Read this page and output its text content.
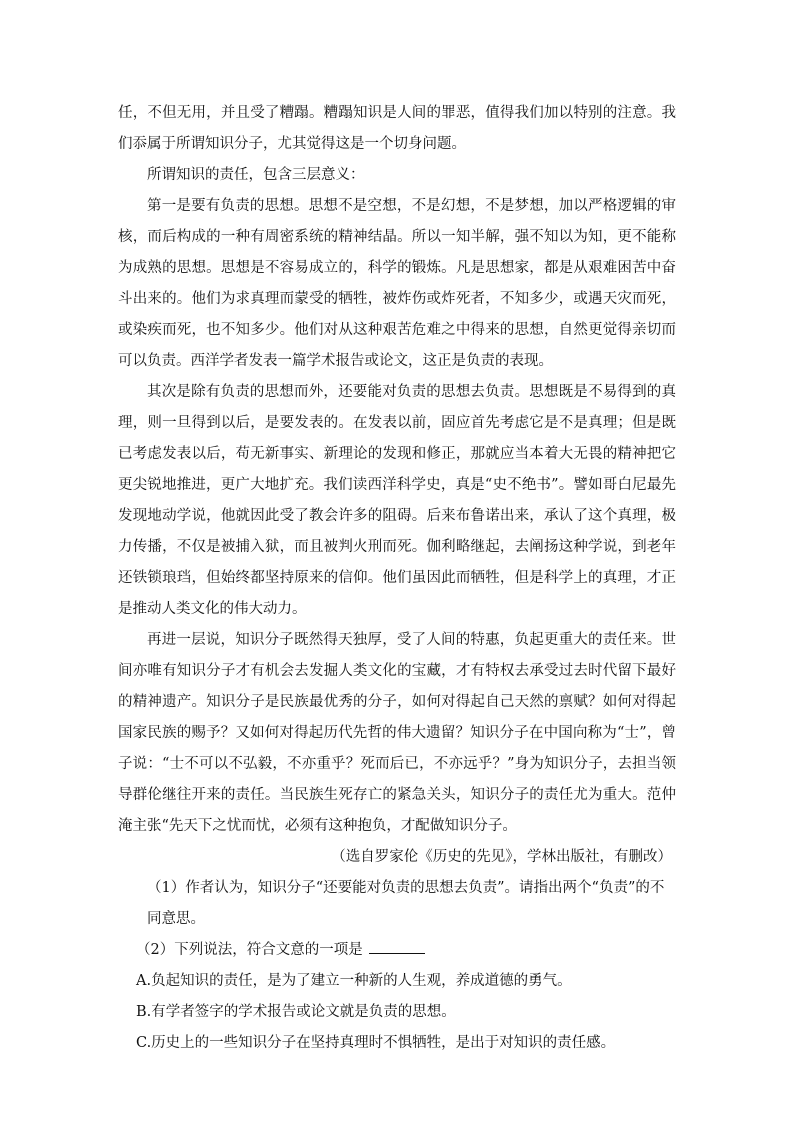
任，不但无用，并且受了糟蹋。糟蹋知识是人间的罪恶，值得我们加以特别的注意。我们忝属于所谓知识分子，尤其觉得这是一个切身问题。

所谓知识的责任，包含三层意义：

第一是要有负责的思想。思想不是空想，不是幻想，不是梦想，加以严格逻辑的审核，而后构成的一种有周密系统的精神结晶。所以一知半解，强不知以为知，更不能称为成熟的思想。思想是不容易成立的，科学的锻炼。凡是思想家，都是从艰难困苦中奋斗出来的。他们为求真理而蒙受的牺牲，被炸伤或炸死者，不知多少，或遇天灾而死，或染疾而死，也不知多少。他们对从这种艰苦危难之中得来的思想，自然更觉得亲切而可以负责。西洋学者发表一篇学术报告或论文，这正是负责的表现。

其次是除有负责的思想而外，还要能对负责的思想去负责。思想既是不易得到的真理，则一旦得到以后，是要发表的。在发表以前，固应首先考虑它是不是真理；但是既已考虑发表以后，苟无新事实、新理论的发现和修正，那就应当本着大无畏的精神把它更尖锐地推进，更广大地扩充。我们读西洋科学史，真是“史不绝书”。譬如哥白尼最先发现地动学说，他就因此受了教会许多的阻碍。后来布鲁诺出来，承认了这个真理，极力传播，不仅是被捕入狱，而且被判火刑而死。伽利略继起，去阐扬这种学说，到老年还铁锁琅珰，但始终都坚持原来的信仰。他们虽因此而牺牲，但是科学上的真理，才正是推动人类文化的伟大动力。

再进一层说，知识分子既然得天独厚，受了人间的特惠，负起更重大的责任来。世间亦唯有知识分子才有机会去发掘人类文化的宝藏，才有特权去承受过去时代留下最好的精神遗产。知识分子是民族最优秀的分子，如何对得起自己天然的禀赋？如何对得起国家民族的赐予？又如何对得起历代先哲的伟大遗留？知识分子在中国向称为“士”，曾子说：“士不可以不弘毅，不亦重乎？死而后已，不亦远乎？”身为知识分子，去担当领导群伦继往开来的责任。当民族生死存亡的紧急关头，知识分子的责任尤为重大。范仲淹主张“先天下之忧而忧，必须有这种抱负，才配做知识分子。

（选自罗家伦《历史的先见》，学林出版社，有删改）

（1）作者认为，知识分子“还要能对负责的思想去负责”。请指出两个“负责”的不同意思。

（2）下列说法，符合文意的一项是

A.负起知识的责任，是为了建立一种新的人生观，养成道德的勇气。

B.有学者签字的学术报告或论文就是负责的思想。

C.历史上的一些知识分子在坚持真理时不惧牺牲，是出于对知识的责任感。
